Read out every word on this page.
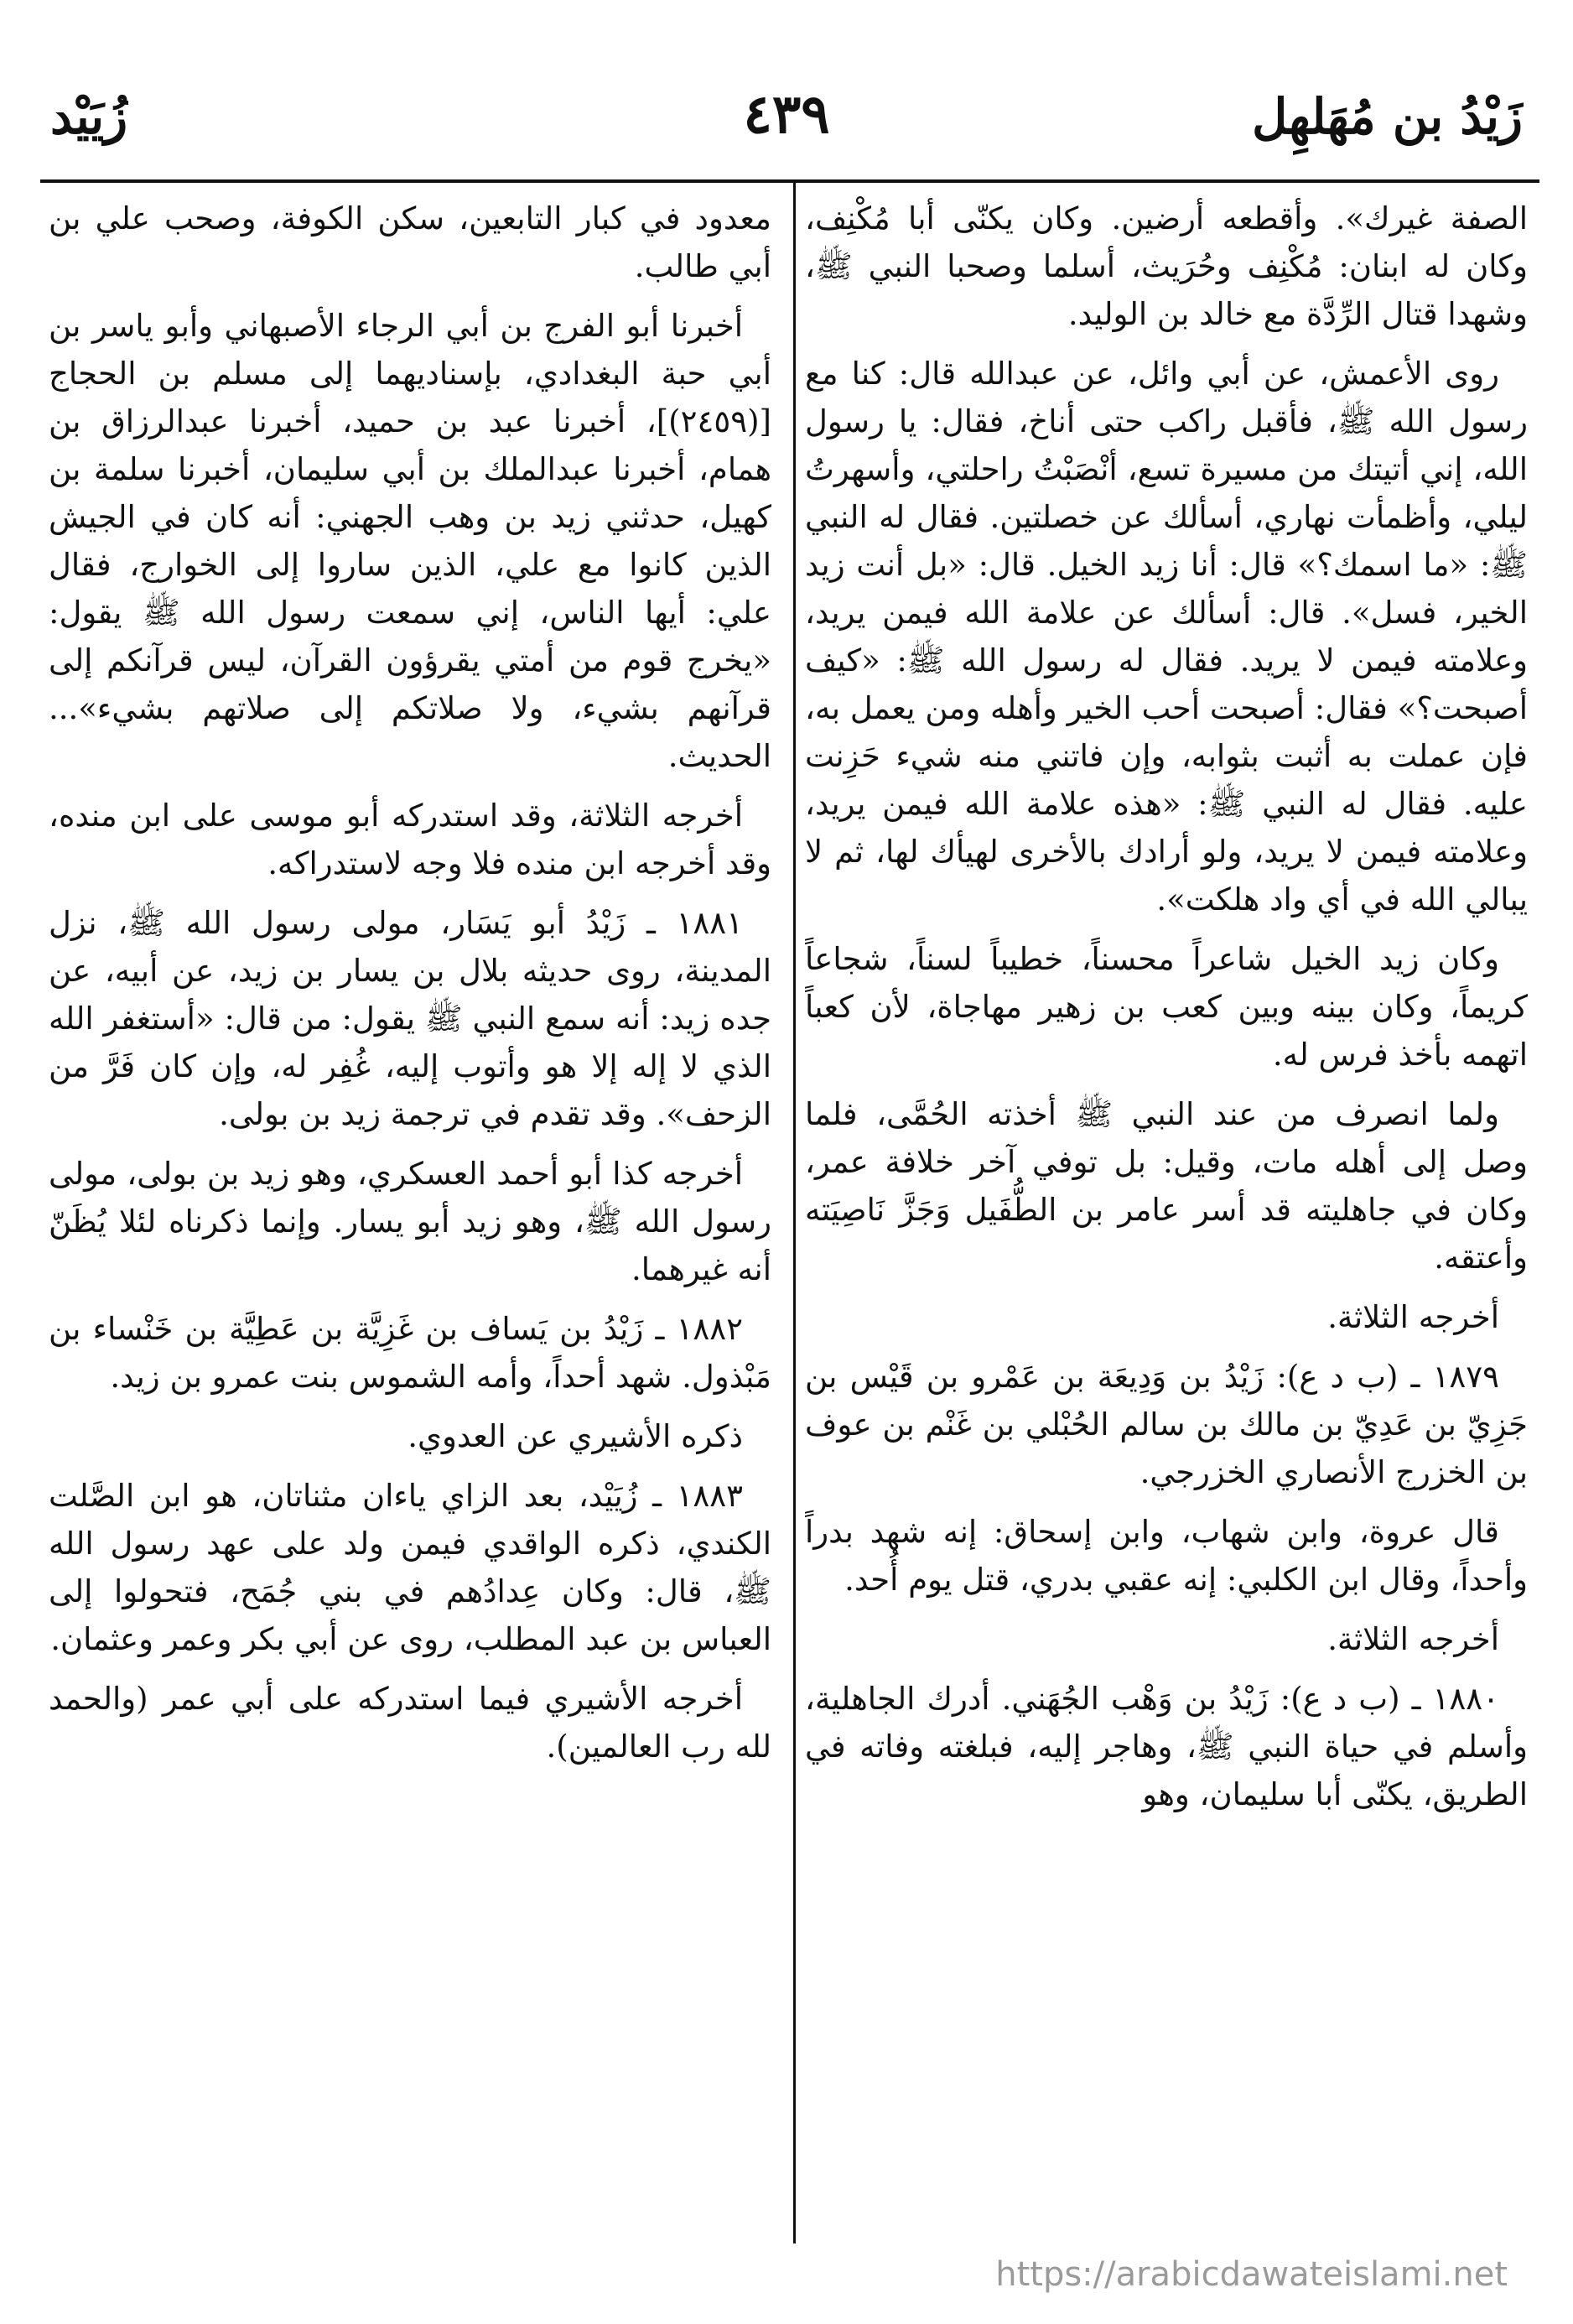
زَيْدُ بن مُهَلهِل
٤٣٩
زُيَيْد

الصفة غيرك». وأقطعه أرضين. وكان يكنّى أبا مُكْنِف، وكان له ابنان: مُكْنِف وحُرَيث، أسلما وصحبا النبي ﷺ، وشهدا قتال الرِّدَّة مع خالد بن الوليد.

روى الأعمش، عن أبي وائل، عن عبدالله قال: كنا مع رسول الله ﷺ، فأقبل راكب حتى أناخ، فقال: يا رسول الله، إني أتيتك من مسيرة تسع، أنْصَبْتُ راحلتي، وأسهرتُ ليلي، وأظمأت نهاري، أسألك عن خصلتين. فقال له النبي ﷺ: «ما اسمك؟» قال: أنا زيد الخيل. قال: «بل أنت زيد الخير، فسل». قال: أسألك عن علامة الله فيمن يريد، وعلامته فيمن لا يريد. فقال له رسول الله ﷺ: «كيف أصبحت؟» فقال: أصبحت أحب الخير وأهله ومن يعمل به، فإن عملت به أثبت بثوابه، وإن فاتني منه شيء حَزِنت عليه. فقال له النبي ﷺ: «هذه علامة الله فيمن يريد، وعلامته فيمن لا يريد، ولو أرادك بالأخرى لهيأك لها، ثم لا يبالي الله في أي واد هلكت».

وكان زيد الخيل شاعراً محسناً، خطيباً لسناً، شجاعاً كريماً، وكان بينه وبين كعب بن زهير مهاجاة، لأن كعباً اتهمه بأخذ فرس له.

ولما انصرف من عند النبي ﷺ أخذته الحُمَّى، فلما وصل إلى أهله مات، وقيل: بل توفي آخر خلافة عمر، وكان في جاهليته قد أسر عامر بن الطُّفَيل وَجَزَّ نَاصِيَته وأعتقه.

أخرجه الثلاثة.

١٨٧٩ ـ (ب د ع): زَيْدُ بن وَدِيعَة بن عَمْرو بن قَيْس بن جَزِيّ بن عَدِيّ بن مالك بن سالم الحُبْلي بن غَنْم بن عوف بن الخزرج الأنصاري الخزرجي.

قال عروة، وابن شهاب، وابن إسحاق: إنه شهد بدراً وأحداً، وقال ابن الكلبي: إنه عقبي بدري، قتل يوم أُحد.

أخرجه الثلاثة.

١٨٨٠ ـ (ب د ع): زَيْدُ بن وَهْب الجُهَني. أدرك الجاهلية، وأسلم في حياة النبي ﷺ، وهاجر إليه، فبلغته وفاته في الطريق، يكنّى أبا سليمان، وهو

معدود في كبار التابعين، سكن الكوفة، وصحب علي بن أبي طالب.

أخبرنا أبو الفرج بن أبي الرجاء الأصبهاني وأبو ياسر بن أبي حبة البغدادي، بإسناديهما إلى مسلم بن الحجاج [(٢٤٥٩)]، أخبرنا عبد بن حميد، أخبرنا عبدالرزاق بن همام، أخبرنا عبدالملك بن أبي سليمان، أخبرنا سلمة بن كهيل، حدثني زيد بن وهب الجهني: أنه كان في الجيش الذين كانوا مع علي، الذين ساروا إلى الخوارج، فقال علي: أيها الناس، إني سمعت رسول الله ﷺ يقول: «يخرج قوم من أمتي يقرؤون القرآن، ليس قرآنكم إلى قرآنهم بشيء، ولا صلاتكم إلى صلاتهم بشيء»... الحديث.

أخرجه الثلاثة، وقد استدركه أبو موسى على ابن منده، وقد أخرجه ابن منده فلا وجه لاستدراكه.

١٨٨١ ـ زَيْدُ أبو يَسَار، مولى رسول الله ﷺ، نزل المدينة، روى حديثه بلال بن يسار بن زيد، عن أبيه، عن جده زيد: أنه سمع النبي ﷺ يقول: من قال: «أستغفر الله الذي لا إله إلا هو وأتوب إليه، غُفِر له، وإن كان فَرَّ من الزحف». وقد تقدم في ترجمة زيد بن بولى.

أخرجه كذا أبو أحمد العسكري، وهو زيد بن بولى، مولى رسول الله ﷺ، وهو زيد أبو يسار. وإنما ذكرناه لئلا يُظَنّ أنه غيرهما.

١٨٨٢ ـ زَيْدُ بن يَساف بن غَزِيَّة بن عَطِيَّة بن خَنْساء بن مَبْذول. شهد أحداً، وأمه الشموس بنت عمرو بن زيد.

ذكره الأشيري عن العدوي.

١٨٨٣ ـ زُيَيْد، بعد الزاي ياءان مثناتان، هو ابن الصَّلت الكندي، ذكره الواقدي فيمن ولد على عهد رسول الله ﷺ، قال: وكان عِدادُهم في بني جُمَح، فتحولوا إلى العباس بن عبد المطلب، روى عن أبي بكر وعمر وعثمان.

أخرجه الأشيري فيما استدركه على أبي عمر (والحمد لله رب العالمين).

https://arabicdawateislami.net
